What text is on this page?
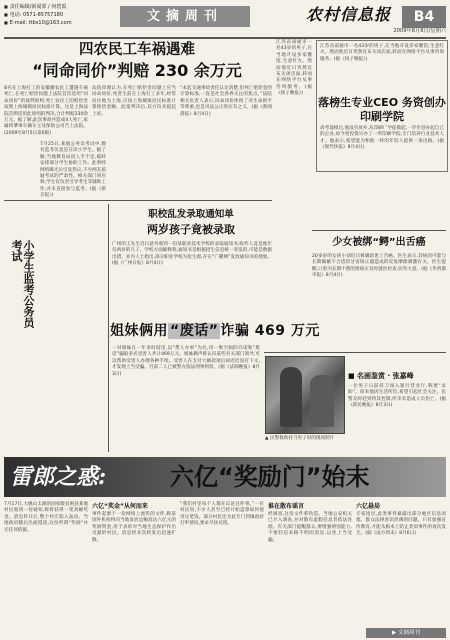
■ 责任编辑/新闻部 / 何碧霞
■ 电话: 0571-85757180
■ E-mail: ttbs10@163.com	文摘周刊	农村信息报	B4
2009年8月8日/星期六
四农民工车祸遇难
“同命同价”判赔 230 余万元
8名在上海打工的安徽籍农民工遭遇车祸死亡,在死亡赔偿问题上法院首次适用“同命同价”的裁判原则,死亡农民工的赔偿金按照上海城镇居民标准计算。这是上海法院首例适用此原则的判决,合计判赔230余万元。据了解,此次事故共造成4人死亡,家属将肇事车辆车主及保险公司告上法院。(2009年8月5日第6版)
法院审理认为,在死亡赔偿金问题上应当同命同价,死者生前在上海打工多年,经常居住地为上海,应按上海城镇居民标准计算赔偿金额。此案判决后,双方均未提起上诉。
“本起交通事故责任认定清楚,但死亡赔偿金的计算标准,一直是社会各界关注的焦点。”法院相关负责人表示,同命同价体现了对生命的平等尊重,也是司法公正的应有之义。(据《新闻晨报》8月4日)
小学生监考公务员考试
7月25日,某地公务员考试中,数名监考员竟是在读小学生。据了解,当地教育局因人手不足,临时安排部分学生协助工作。此事经网络曝光后引发热议,不少网友质疑考试的严肃性。相关部门回应称,学生仅负责引导考生等辅助工作,并未直接参与监考。(据《新京报》)
职校乱发录取通知单
两岁孩子竟被录取
广州的王先生近日意外收到一份某职业技术学校的录取通知书,收件人竟是他年仅两岁的儿子。学校方面解释称,通知书是根据招生信息统一寄发的,可能是数据出错。业内人士指出,部分职业学校为抢生源,存在“广撒网”发放通知书的现象。(据《广州日报》8月4日)
姐妹俩用 “废话” 诈骗 469 万元
一对姐妹在一年多时间里,以“帮人办事”为名,用一堆空洞的许诺和“废话”骗取多名受害人共计469万元。姐妹俩声称认识某些有关部门领导,可以帮助受害人办理各种手续。受害人在支付大额款项后却迟迟没有下文,才发现上当受骗。目前二人已被警方依法刑事拘留。(据《法制晚报》8月3日)
江苏省南通市一名43岁的男子,在当地开设多家餐馆,生意红火。然而他近日突然宣布关闭店面,转而在网络平台从事咨询服务。(据《扬子晚报》)
江苏省南通市一名43岁的男子,在当地开设多家餐馆,生意红火。然而他近日突然宣布关闭店面,转而在网络平台从事咨询服务。(据《扬子晚报》)
落榜生专业CEO 务资创办印刷学院
高考落榜后,他没有放弃,从印刷厂学徒做起,一步步创办起自己的企业,如今更投资兴办了一所印刷学院,专门培养行业技术人才。他表示,希望能为和他一样的年轻人提供一条出路。(据《现代快报》8月4日)
少女被绑“鳄”出舌癌
20多岁的女孩小刘近日被确诊患上舌癌。医生表示,其病因可能与长期佩戴不合适的牙齿矫正器造成的反复摩擦刺激有关。医生提醒,口腔内长期不愈的溃疡应及时就医检查,切勿大意。(据《华西都市报》8月4日)
■ 名画鉴赏 · 张嘉峰
一位男子日前持刀闯入银行营业厅,称要“求助”。原来他因生活所迫,希望引起社会关注。民警及时赶到将其控制,所幸未造成人员伤亡。(据《新民晚报》8月3日)
▲ 民警救助持刀男子时的现场照片
雷郎之惑:	六亿“奖励门”始末
7月17日,大姚山太源的国家级贫困县某地村民收到一份通知,称将获得一笔高额奖金。消息传开后,整个村庄陷入轰动。当地政府随后出面澄清,这份所谓“奖励”并无任何依据。
六亿“奖金”从何而来
事件起源于一份网络上流传的文件,称某国外机构将向当地发放总额高达六亿元的奖励资金,用于表彰对当地生态保护作出贡献的村民。消息经多次转发后迅速扩散。
“我们村里每个人都在议论这件事。”一位村民说,不少人甚至已经开始盘算如何使用这笔钱。部分村民还为此专门到镇政府打听情况,要求尽快兑现。
谁在散布谣言
经调查,这份文件系伪造。当地公安机关已介入调查,并对散布虚假信息者依法处理。有关部门提醒群众,要增强辨别能力,不要轻信来路不明的消息,以免上当受骗。
六亿悬局
专家指出,此类事件暴露出部分地区信息闭塞、群众法律意识淡薄的问题。只有加强宣传教育,才能从根本上防止类似事件的再次发生。(据《南方周末》8月6日)
▶ 文摘周刊
